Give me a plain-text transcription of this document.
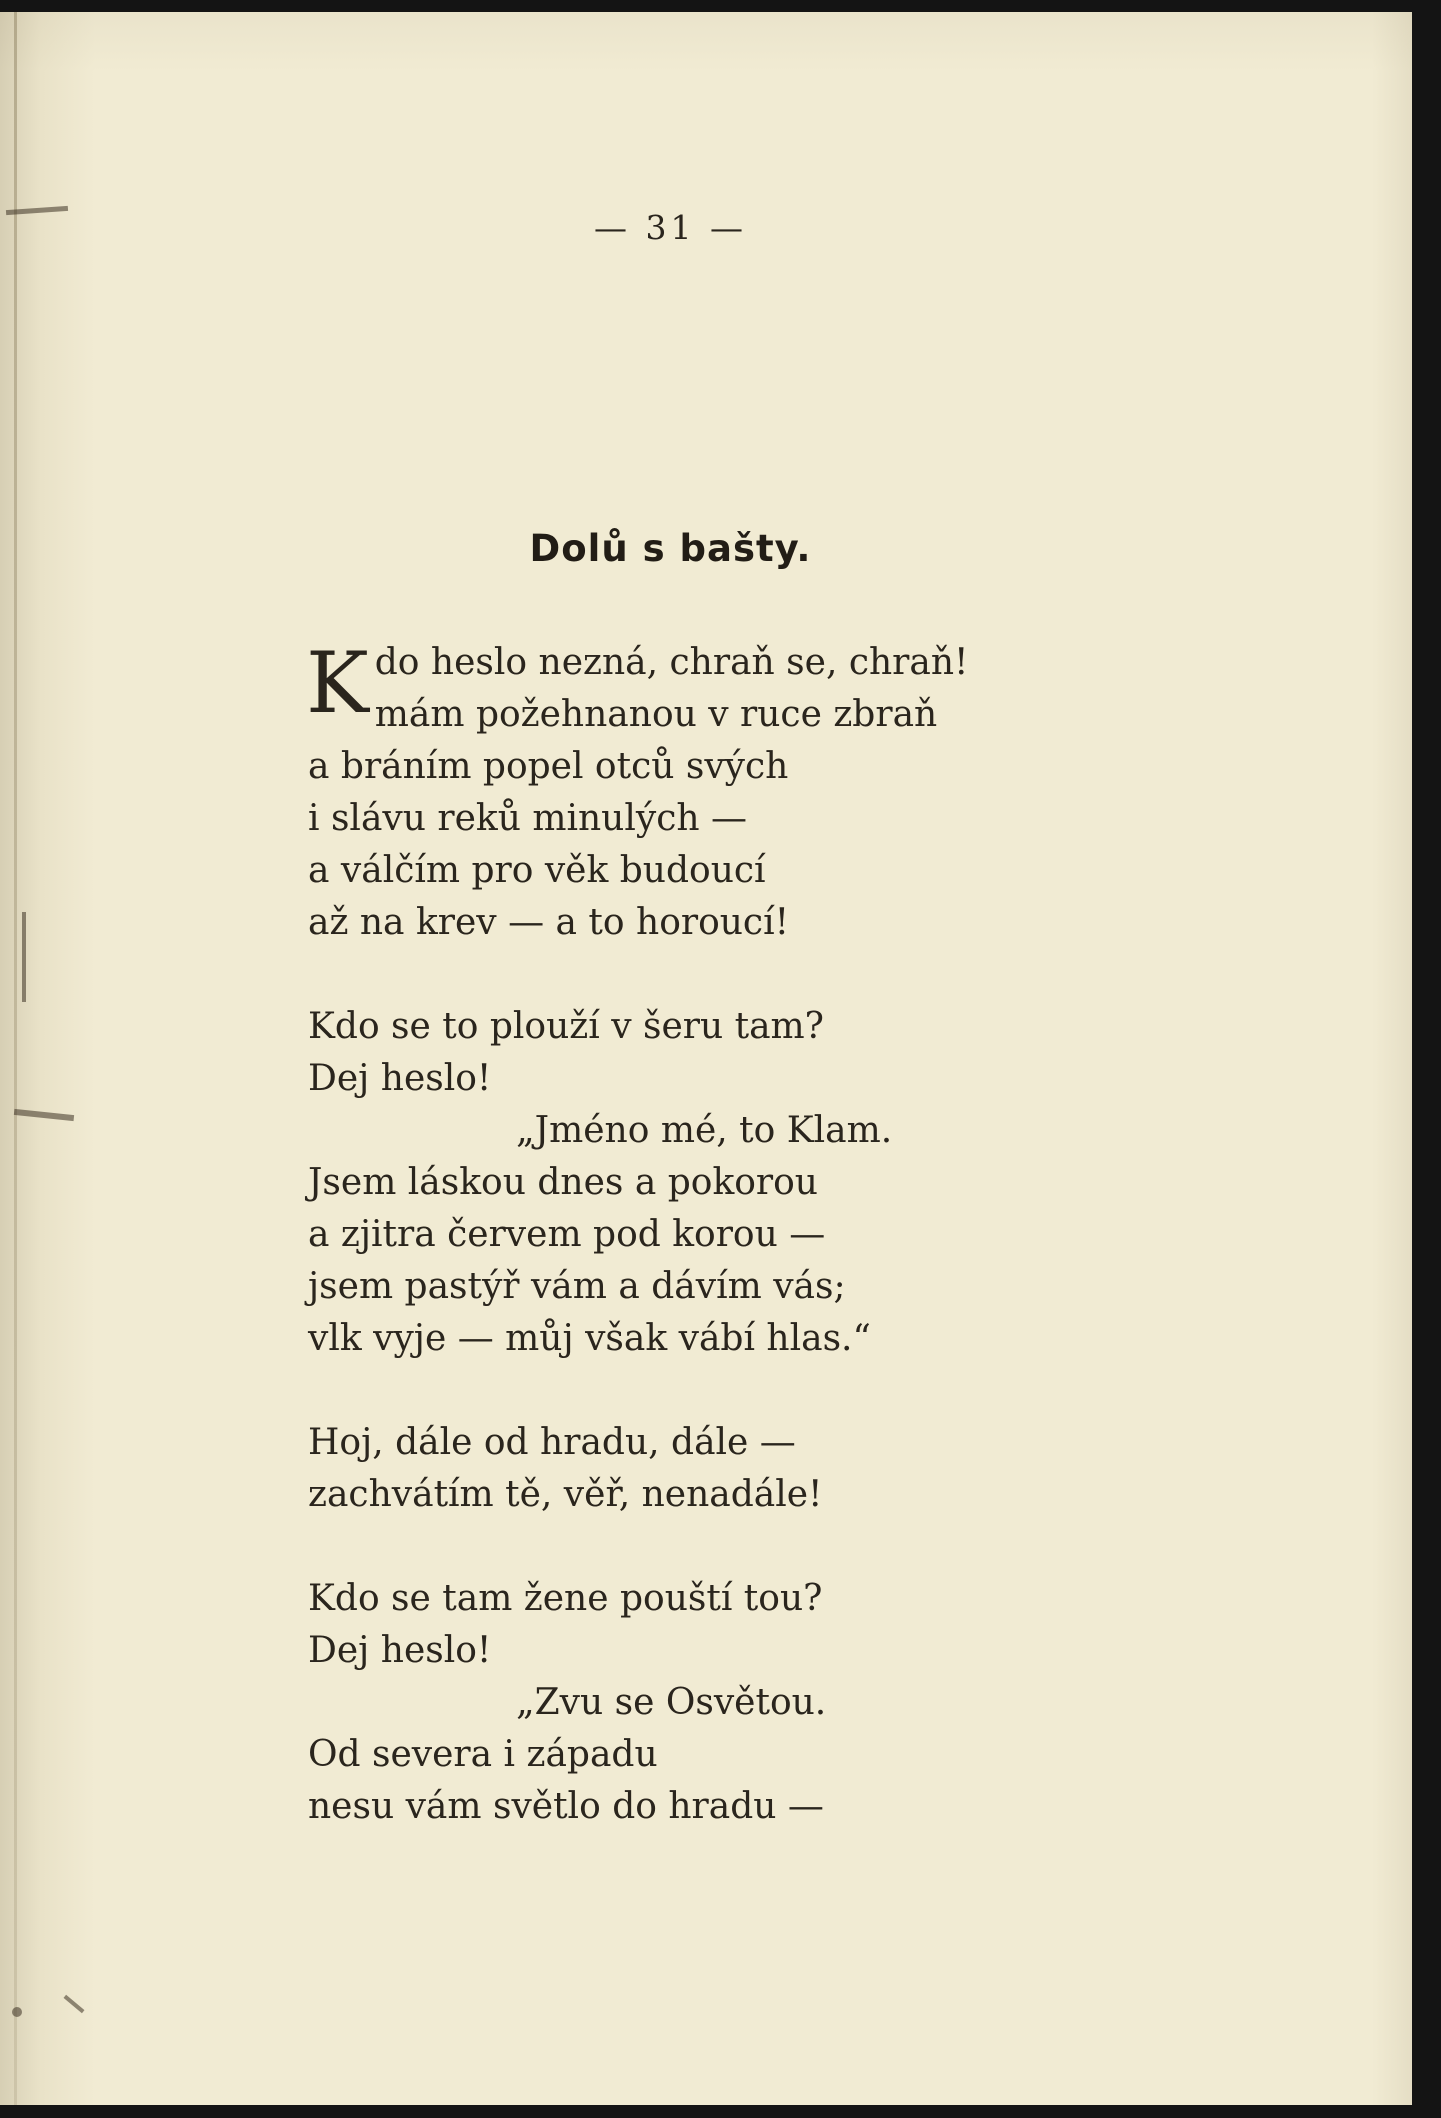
— 31 —
Dolů s bašty.
K do heslo nezná, chraň se, chraň!
mám požehnanou v ruce zbraň
a bráním popel otců svých
i slávu reků minulých —
a válčím pro věk budoucí
až na krev — a to horoucí!
Kdo se to plouží v šeru tam?
Dej heslo!
„Jméno mé, to Klam.
Jsem láskou dnes a pokorou
a zjitra červem pod korou —
jsem pastýř vám a dávím vás;
vlk vyje — můj však vábí hlas.“
Hoj, dále od hradu, dále —
zachvátím tě, věř, nenadále!
Kdo se tam žene pouští tou?
Dej heslo!
„Zvu se Osvětou.
Od severa i západu
nesu vám světlo do hradu —
